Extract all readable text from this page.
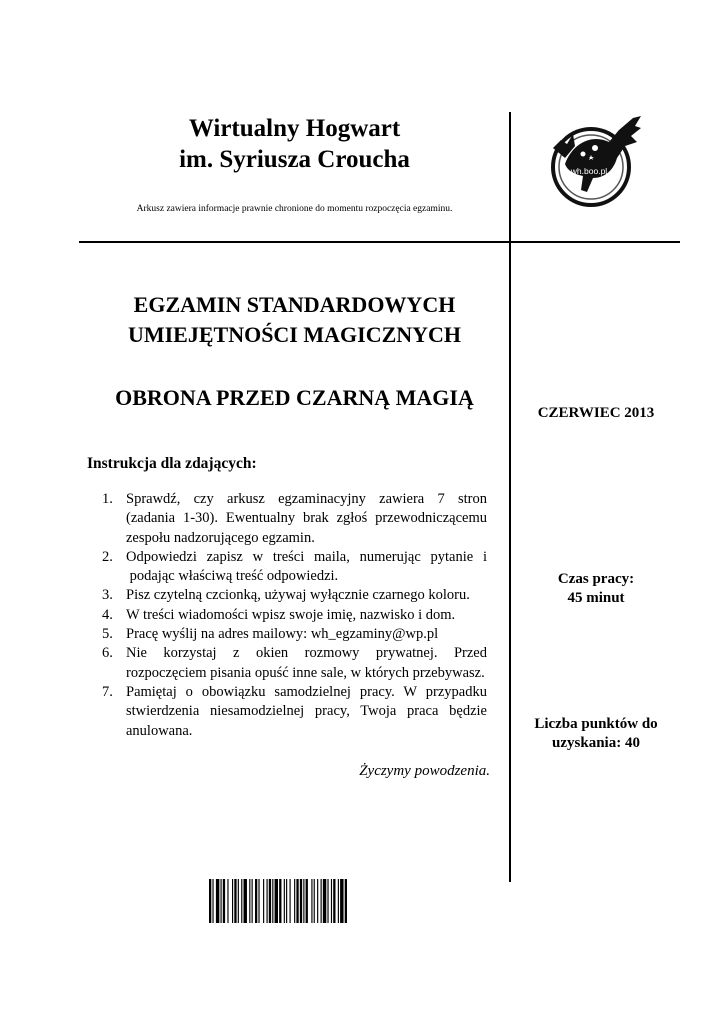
Wirtualny Hogwart
im. Syriusza Croucha
Arkusz zawiera informacje prawnie chronione do momentu rozpoczęcia egzaminu.
wh.boo.pl
EGZAMIN STANDARDOWYCH
UMIEJĘTNOŚCI MAGICZNYCH
OBRONA PRZED CZARNĄ MAGIĄ
CZERWIEC 2013
Czas pracy:
45 minut
Liczba punktów do
uzyskania: 40
Instrukcja dla zdających:
1. Sprawdź, czy arkusz egzaminacyjny zawiera 7 stron
(zadania 1-30). Ewentualny brak zgłoś przewodniczącemu
zespołu nadzorującego egzamin.
2. Odpowiedzi zapisz w treści maila, numerując pytanie i
podając właściwą treść odpowiedzi.
3. Pisz czytelną czcionką, używaj wyłącznie czarnego koloru.
4. W treści wiadomości wpisz swoje imię, nazwisko i dom.
5. Pracę wyślij na adres mailowy: wh_egzaminy@wp.pl
6. Nie korzystaj z okien rozmowy prywatnej. Przed
rozpoczęciem pisania opuść inne sale, w których przebywasz.
7. Pamiętaj o obowiązku samodzielnej pracy. W przypadku
stwierdzenia niesamodzielnej pracy, Twoja praca będzie
anulowana.
Życzymy powodzenia.
